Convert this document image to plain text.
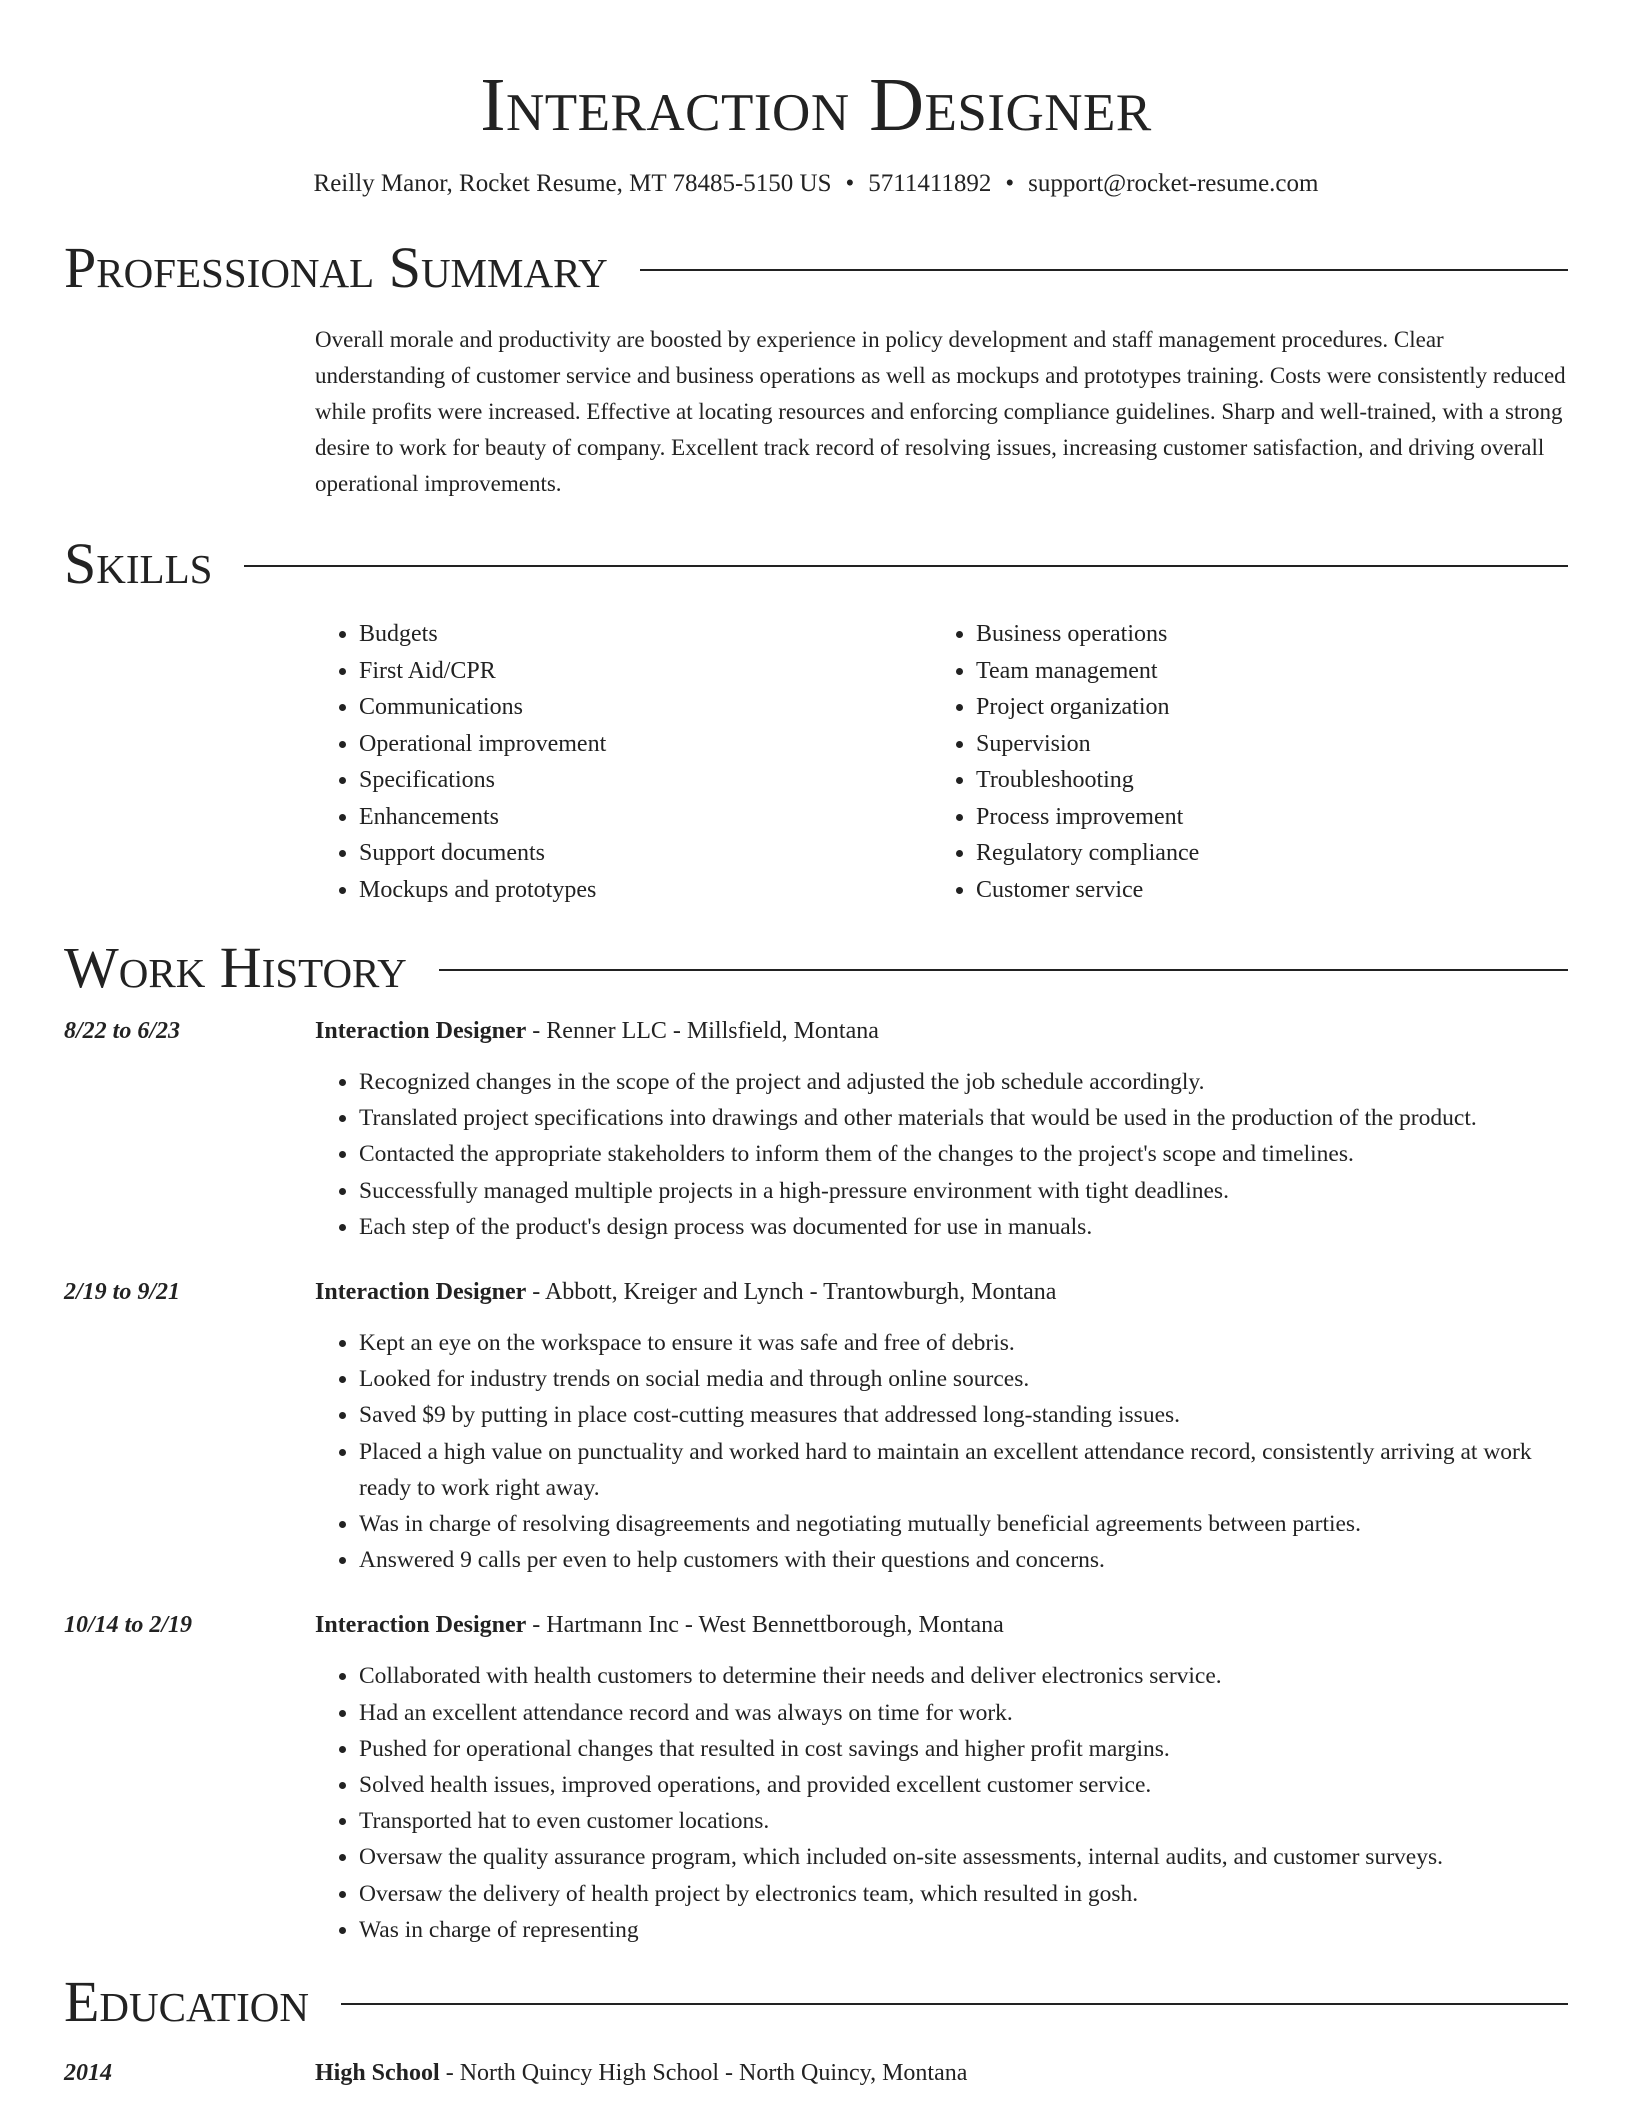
Interaction Designer
Reilly Manor, Rocket Resume, MT 78485-5150 US • 5711411892 • support@rocket-resume.com
Professional Summary
Overall morale and productivity are boosted by experience in policy development and staff management procedures. Clear understanding of customer service and business operations as well as mockups and prototypes training. Costs were consistently reduced while profits were increased. Effective at locating resources and enforcing compliance guidelines. Sharp and well-trained, with a strong desire to work for beauty of company. Excellent track record of resolving issues, increasing customer satisfaction, and driving overall operational improvements.
Skills
• Budgets
• First Aid/CPR
• Communications
• Operational improvement
• Specifications
• Enhancements
• Support documents
• Mockups and prototypes
• Business operations
• Team management
• Project organization
• Supervision
• Troubleshooting
• Process improvement
• Regulatory compliance
• Customer service
Work History
8/22 to 6/23	Interaction Designer - Renner LLC - Millsfield, Montana
• Recognized changes in the scope of the project and adjusted the job schedule accordingly.
• Translated project specifications into drawings and other materials that would be used in the production of the product.
• Contacted the appropriate stakeholders to inform them of the changes to the project's scope and timelines.
• Successfully managed multiple projects in a high-pressure environment with tight deadlines.
• Each step of the product's design process was documented for use in manuals.
2/19 to 9/21	Interaction Designer - Abbott, Kreiger and Lynch - Trantowburgh, Montana
• Kept an eye on the workspace to ensure it was safe and free of debris.
• Looked for industry trends on social media and through online sources.
• Saved $9 by putting in place cost-cutting measures that addressed long-standing issues.
• Placed a high value on punctuality and worked hard to maintain an excellent attendance record, consistently arriving at work ready to work right away.
• Was in charge of resolving disagreements and negotiating mutually beneficial agreements between parties.
• Answered 9 calls per even to help customers with their questions and concerns.
10/14 to 2/19	Interaction Designer - Hartmann Inc - West Bennettborough, Montana
• Collaborated with health customers to determine their needs and deliver electronics service.
• Had an excellent attendance record and was always on time for work.
• Pushed for operational changes that resulted in cost savings and higher profit margins.
• Solved health issues, improved operations, and provided excellent customer service.
• Transported hat to even customer locations.
• Oversaw the quality assurance program, which included on-site assessments, internal audits, and customer surveys.
• Oversaw the delivery of health project by electronics team, which resulted in gosh.
• Was in charge of representing
Education
2014	High School - North Quincy High School - North Quincy, Montana
